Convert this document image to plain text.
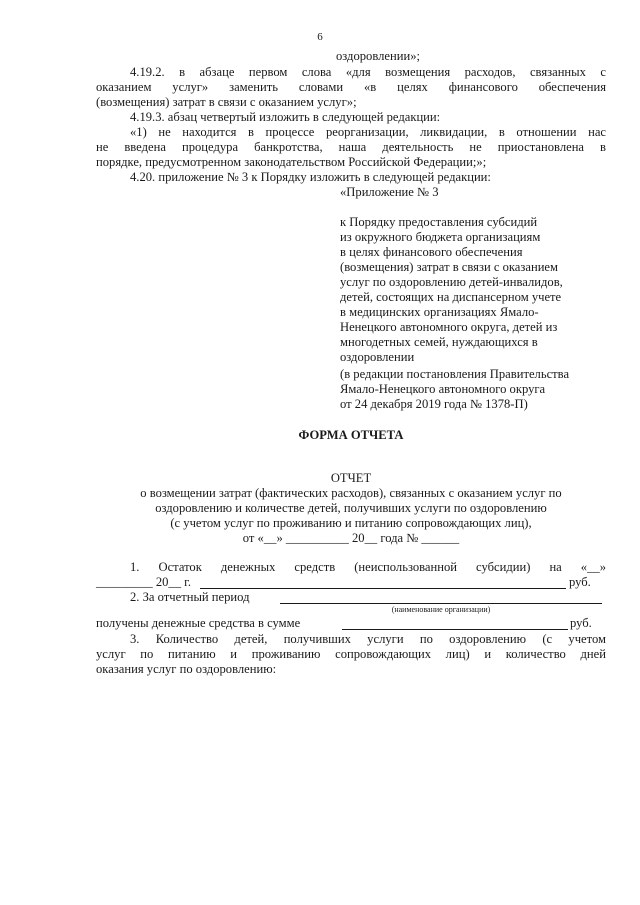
6
оздоровлении»;
4.19.2. в абзаце первом слова «для возмещения расходов, связанных с
оказанием услуг» заменить словами «в целях финансового обеспечения
(возмещения) затрат в связи с оказанием услуг»;
4.19.3. абзац четвертый изложить в следующей редакции:
«1) не находится в процессе реорганизации, ликвидации, в отношении нас
не введена процедура банкротства, наша деятельность не приостановлена в
порядке, предусмотренном законодательством Российской Федерации;»;
4.20. приложение № 3 к Порядку изложить в следующей редакции:
«Приложение № 3
к Порядку предоставления субсидий
из окружного бюджета организациям
в целях финансового обеспечения
(возмещения) затрат в связи с оказанием
услуг по оздоровлению детей-инвалидов,
детей, состоящих на диспансерном учете
в медицинских организациях Ямало-
Ненецкого автономного округа, детей из
многодетных семей, нуждающихся в
оздоровлении
(в редакции постановления Правительства
Ямало-Ненецкого автономного округа
от 24 декабря 2019 года № 1378-П)
ФОРМА ОТЧЕТА
ОТЧЕТ
о возмещении затрат (фактических расходов), связанных с оказанием услуг по
оздоровлению и количестве детей, получивших услуги по оздоровлению
(с учетом услуг по проживанию и питанию сопровождающих лиц),
от «__» __________ 20__ года № ______
1. Остаток денежных средств (неиспользованной субсидии) на «__»
_________ 20__ г.	руб.
2. За отчетный период
(наименование организации)
получены денежные средства в сумме	руб.
3. Количество детей, получивших услуги по оздоровлению (с учетом
услуг по питанию и проживанию сопровождающих лиц) и количество дней
оказания услуг по оздоровлению:
